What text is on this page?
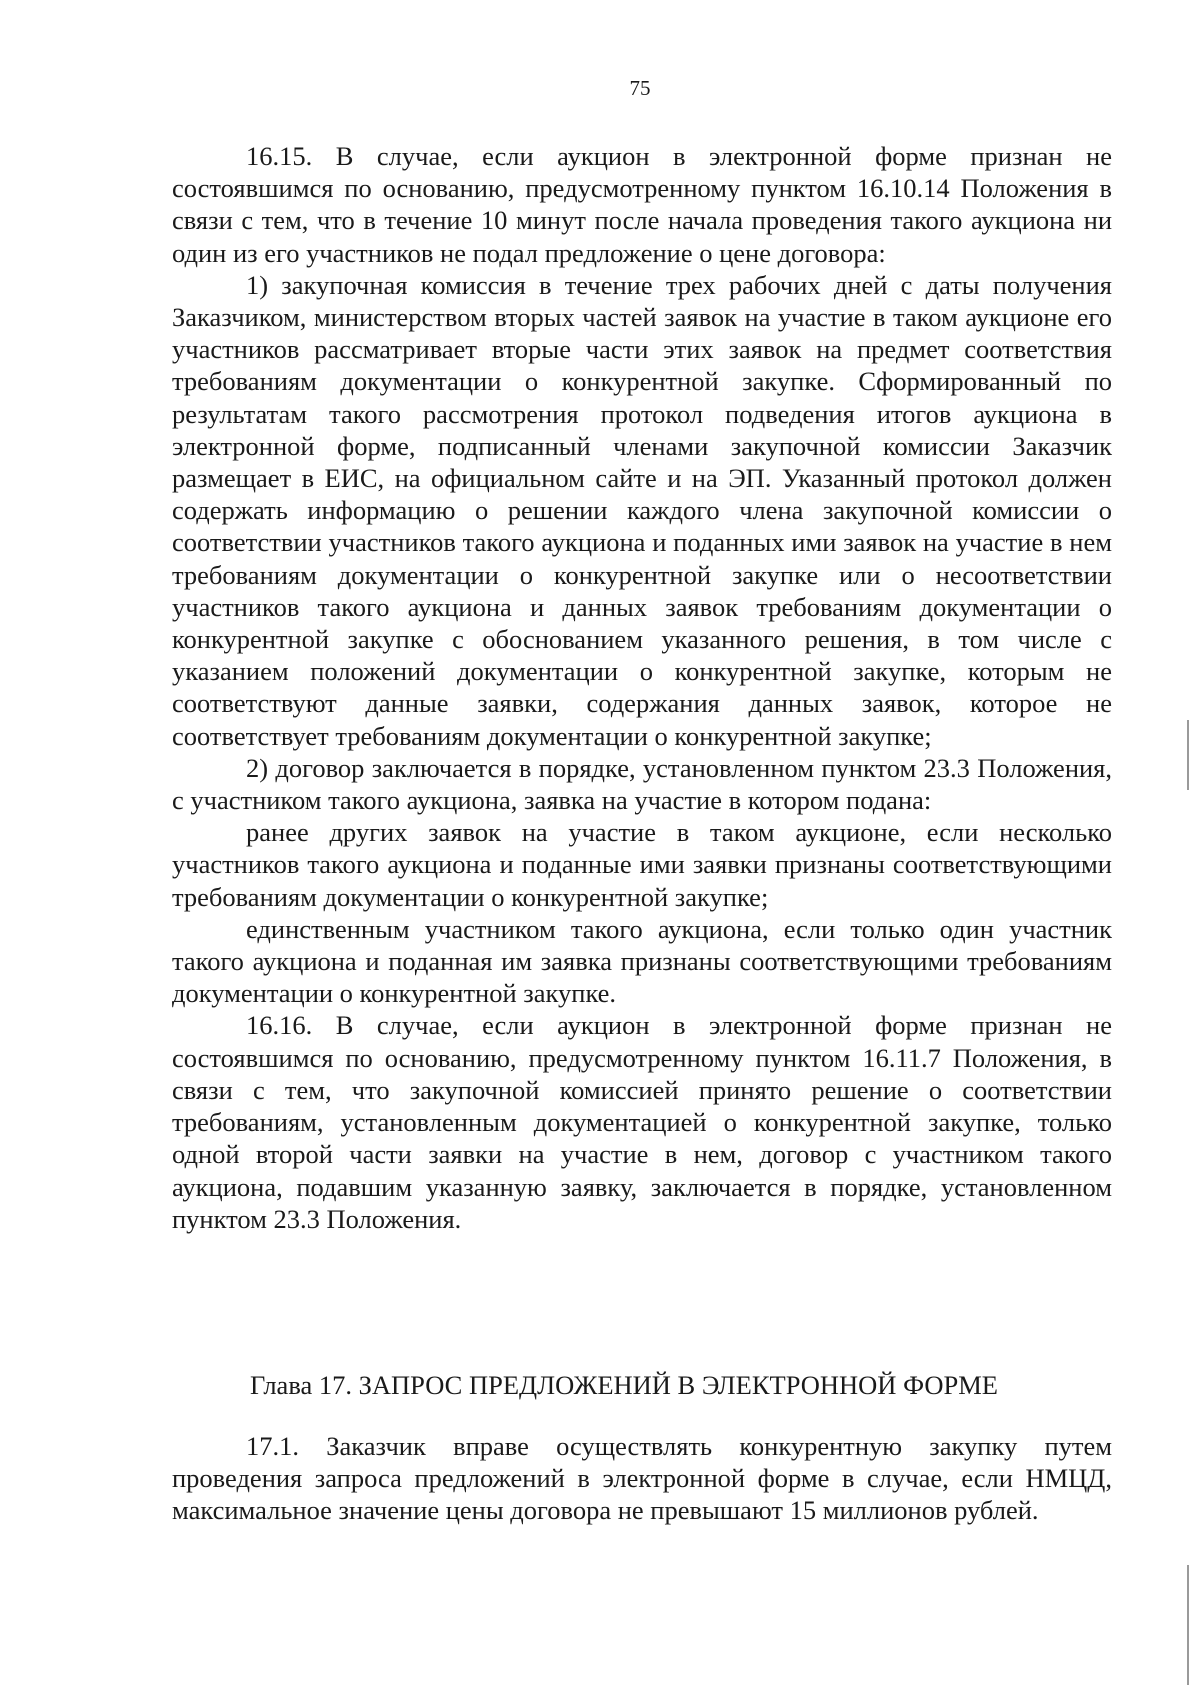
75

16.15. В случае, если аукцион в электронной форме признан не состоявшимся по основанию, предусмотренному пунктом 16.10.14 Положения в связи с тем, что в течение 10 минут после начала проведения такого аукциона ни один из его участников не подал предложение о цене договора:

1) закупочная комиссия в течение трех рабочих дней с даты получения Заказчиком, министерством вторых частей заявок на участие в таком аукционе его участников рассматривает вторые части этих заявок на предмет соответствия требованиям документации о конкурентной закупке. Сформированный по результатам такого рассмотрения протокол подведения итогов аукциона в электронной форме, подписанный членами закупочной комиссии Заказчик размещает в ЕИС, на официальном сайте и на ЭП. Указанный протокол должен содержать информацию о решении каждого члена закупочной комиссии о соответствии участников такого аукциона и поданных ими заявок на участие в нем требованиям документации о конкурентной закупке или о несоответствии участников такого аукциона и данных заявок требованиям документации о конкурентной закупке с обоснованием указанного решения, в том числе с указанием положений документации о конкурентной закупке, которым не соответствуют данные заявки, содержания данных заявок, которое не соответствует требованиям документации о конкурентной закупке;

2) договор заключается в порядке, установленном пунктом 23.3 Положения, с участником такого аукциона, заявка на участие в котором подана:

ранее других заявок на участие в таком аукционе, если несколько участников такого аукциона и поданные ими заявки признаны соответствующими требованиям документации о конкурентной закупке;

единственным участником такого аукциона, если только один участник такого аукциона и поданная им заявка признаны соответствующими требованиям документации о конкурентной закупке.

16.16. В случае, если аукцион в электронной форме признан не состоявшимся по основанию, предусмотренному пунктом 16.11.7 Положения, в связи с тем, что закупочной комиссией принято решение о соответствии требованиям, установленным документацией о конкурентной закупке, только одной второй части заявки на участие в нем, договор с участником такого аукциона, подавшим указанную заявку, заключается в порядке, установленном пунктом 23.3 Положения.

Глава 17. ЗАПРОС ПРЕДЛОЖЕНИЙ В ЭЛЕКТРОННОЙ ФОРМЕ

17.1. Заказчик вправе осуществлять конкурентную закупку путем проведения запроса предложений в электронной форме в случае, если НМЦД, максимальное значение цены договора не превышают 15 миллионов рублей.
